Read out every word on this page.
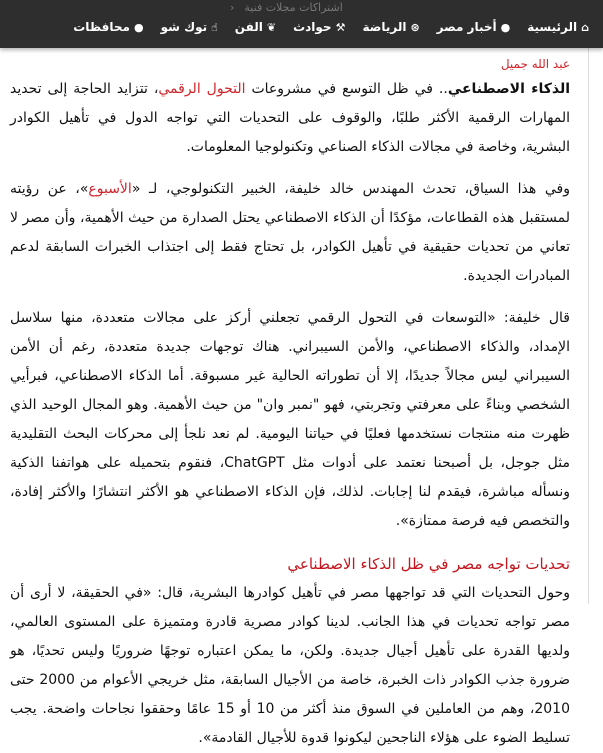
⌂
الرئيسية
●
أخبار مصر
⊛
الرياضة
⚒
حوادث
❦
الفن
☝
توك شو
●
محافظات
اشتراكات مجلات فنية
‹
عبد الله جميل

الذكاء الاصطناعي.. في ظل التوسع في مشروعات التحول الرقمي، تتزايد الحاجة إلى تحديد المهارات الرقمية الأكثر طلبًا، والوقوف على التحديات التي تواجه الدول في تأهيل الكوادر البشرية، وخاصة في مجالات الذكاء الصناعي وتكنولوجيا المعلومات.

وفي هذا السياق، تحدث المهندس خالد خليفة، الخبير التكنولوجي، لـ «الأسبوع»، عن رؤيته لمستقبل هذه القطاعات، مؤكدًا أن الذكاء الاصطناعي يحتل الصدارة من حيث الأهمية، وأن مصر لا تعاني من تحديات حقيقية في تأهيل الكوادر، بل تحتاج فقط إلى اجتذاب الخبرات السابقة لدعم المبادرات الجديدة.

قال خليفة: «التوسعات في التحول الرقمي تجعلني أركز على مجالات متعددة، منها سلاسل الإمداد، والذكاء الاصطناعي، والأمن السيبراني. هناك توجهات جديدة متعددة، رغم أن الأمن السيبراني ليس مجالاً جديدًا، إلا أن تطوراته الحالية غير مسبوقة. أما الذكاء الاصطناعي، فبرأيي الشخصي وبناءً على معرفتي وتجربتي، فهو "نمبر وان" من حيث الأهمية. وهو المجال الوحيد الذي ظهرت منه منتجات نستخدمها فعليًا في حياتنا اليومية. لم نعد نلجأ إلى محركات البحث التقليدية مثل جوجل، بل أصبحنا نعتمد على أدوات مثل ChatGPT، فنقوم بتحميله على هواتفنا الذكية ونسأله مباشرة، فيقدم لنا إجابات. لذلك، فإن الذكاء الاصطناعي هو الأكثر انتشارًا والأكثر إفادة، والتخصص فيه فرصة ممتازة».

تحديات تواجه مصر في ظل الذكاء الاصطناعي

وحول التحديات التي قد تواجهها مصر في تأهيل كوادرها البشرية، قال: «في الحقيقة، لا أرى أن مصر تواجه تحديات في هذا الجانب. لدينا كوادر مصرية قادرة ومتميزة على المستوى العالمي، ولديها القدرة على تأهيل أجيال جديدة. ولكن، ما يمكن اعتباره توجهًا ضروريًا وليس تحديًا، هو ضرورة جذب الكوادر ذات الخبرة، خاصة من الأجيال السابقة، مثل خريجي الأعوام من 2000 حتى 2010، وهم من العاملين في السوق منذ أكثر من 10 أو 15 عامًا وحققوا نجاحات واضحة. يجب تسليط الضوء على هؤلاء الناجحين ليكونوا قدوة للأجيال القادمة».
